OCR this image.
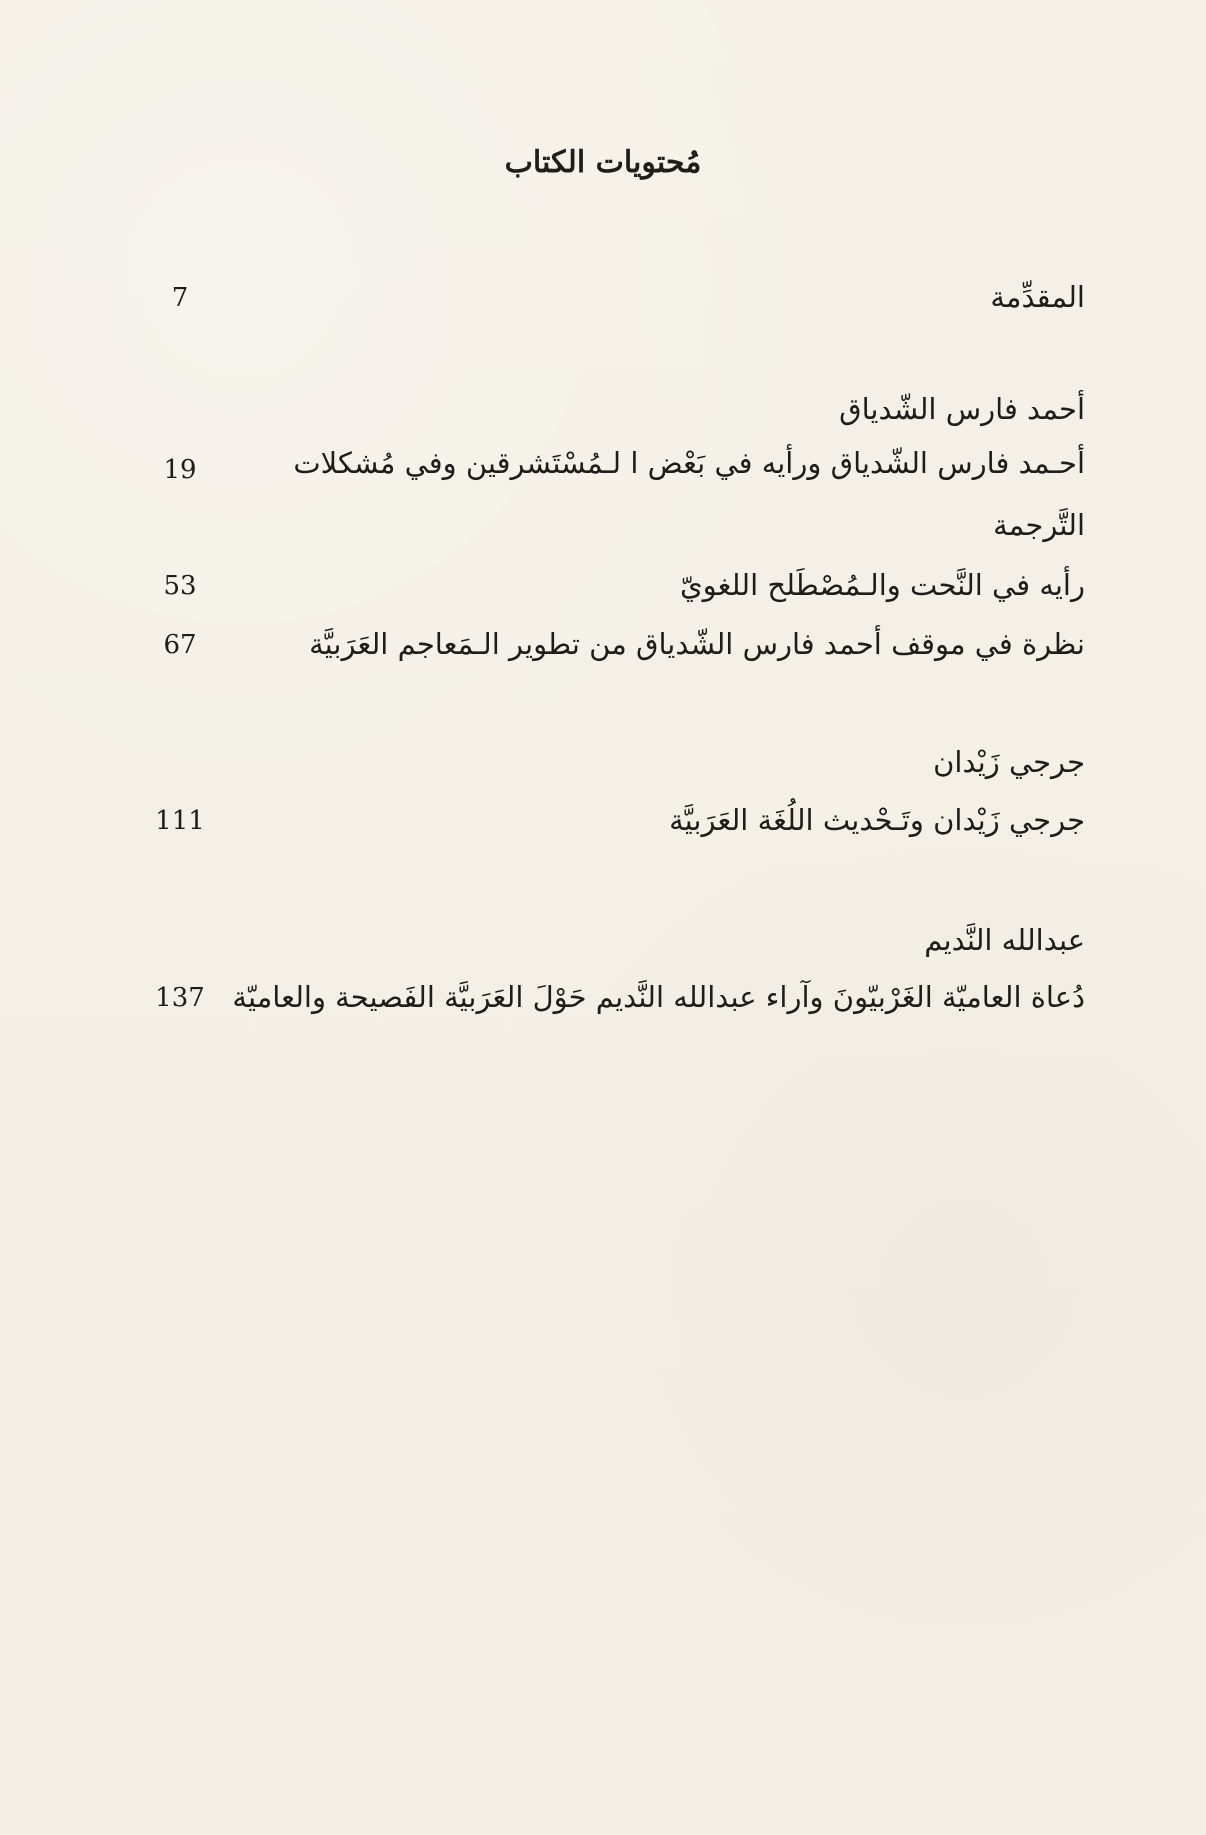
مُحتويات الكتاب
المقدِّمة
7
أحمد فارس الشّدياق
أحـمد فارس الشّدياق ورأيه في بَعْض ا لـمُسْتَشرقين وفي مُشكلات التَّرجمة
19
رأيه في النَّحت والـمُصْطَلح اللغويّ
53
نظرة في موقف أحمد فارس الشّدياق من تطوير الـمَعاجم العَرَبيَّة
67
جرجي زَيْدان
جرجي زَيْدان وتَـحْديث اللُغَة العَرَبيَّة
111
عبدالله النَّديم
دُعاة العاميّة الغَرْبيّونَ وآراء عبدالله النَّديم حَوْلَ العَرَبيَّة الفَصيحة والعاميّة
137
